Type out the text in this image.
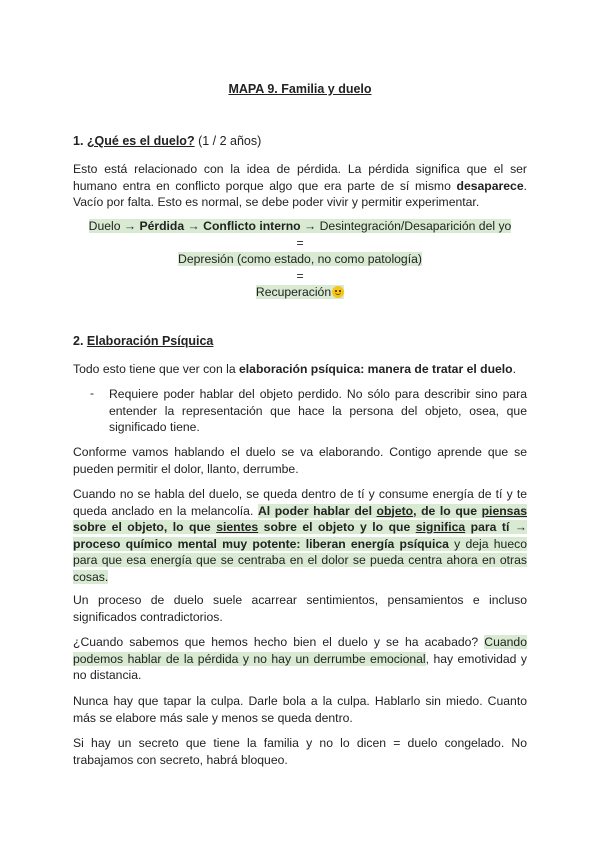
MAPA 9. Familia y duelo
1. ¿Qué es el duelo? (1 / 2 años)
Esto está relacionado con la idea de pérdida. La pérdida significa que el ser humano entra en conflicto porque algo que era parte de sí mismo desaparece. Vacío por falta. Esto es normal, se debe poder vivir y permitir experimentar.
Duelo → Pérdida → Conflicto interno → Desintegración/Desaparición del yo
=
Depresión (como estado, no como patología)
=
Recuperación
2. Elaboración Psíquica
Todo esto tiene que ver con la elaboración psíquica: manera de tratar el duelo.
- Requiere poder hablar del objeto perdido. No sólo para describir sino para entender la representación que hace la persona del objeto, osea, que significado tiene.
Conforme vamos hablando el duelo se va elaborando. Contigo aprende que se pueden permitir el dolor, llanto, derrumbe.
Cuando no se habla del duelo, se queda dentro de tí y consume energía de tí y te queda anclado en la melancolía. Al poder hablar del objeto, de lo que piensas sobre el objeto, lo que sientes sobre el objeto y lo que significa para tí → proceso químico mental muy potente: liberan energía psíquica y deja hueco para que esa energía que se centraba en el dolor se pueda centra ahora en otras cosas.
Un proceso de duelo suele acarrear sentimientos, pensamientos e incluso significados contradictorios.
¿Cuando sabemos que hemos hecho bien el duelo y se ha acabado? Cuando podemos hablar de la pérdida y no hay un derrumbe emocional, hay emotividad y no distancia.
Nunca hay que tapar la culpa. Darle bola a la culpa. Hablarlo sin miedo. Cuanto más se elabore más sale y menos se queda dentro.
Si hay un secreto que tiene la familia y no lo dicen = duelo congelado. No trabajamos con secreto, habrá bloqueo.
